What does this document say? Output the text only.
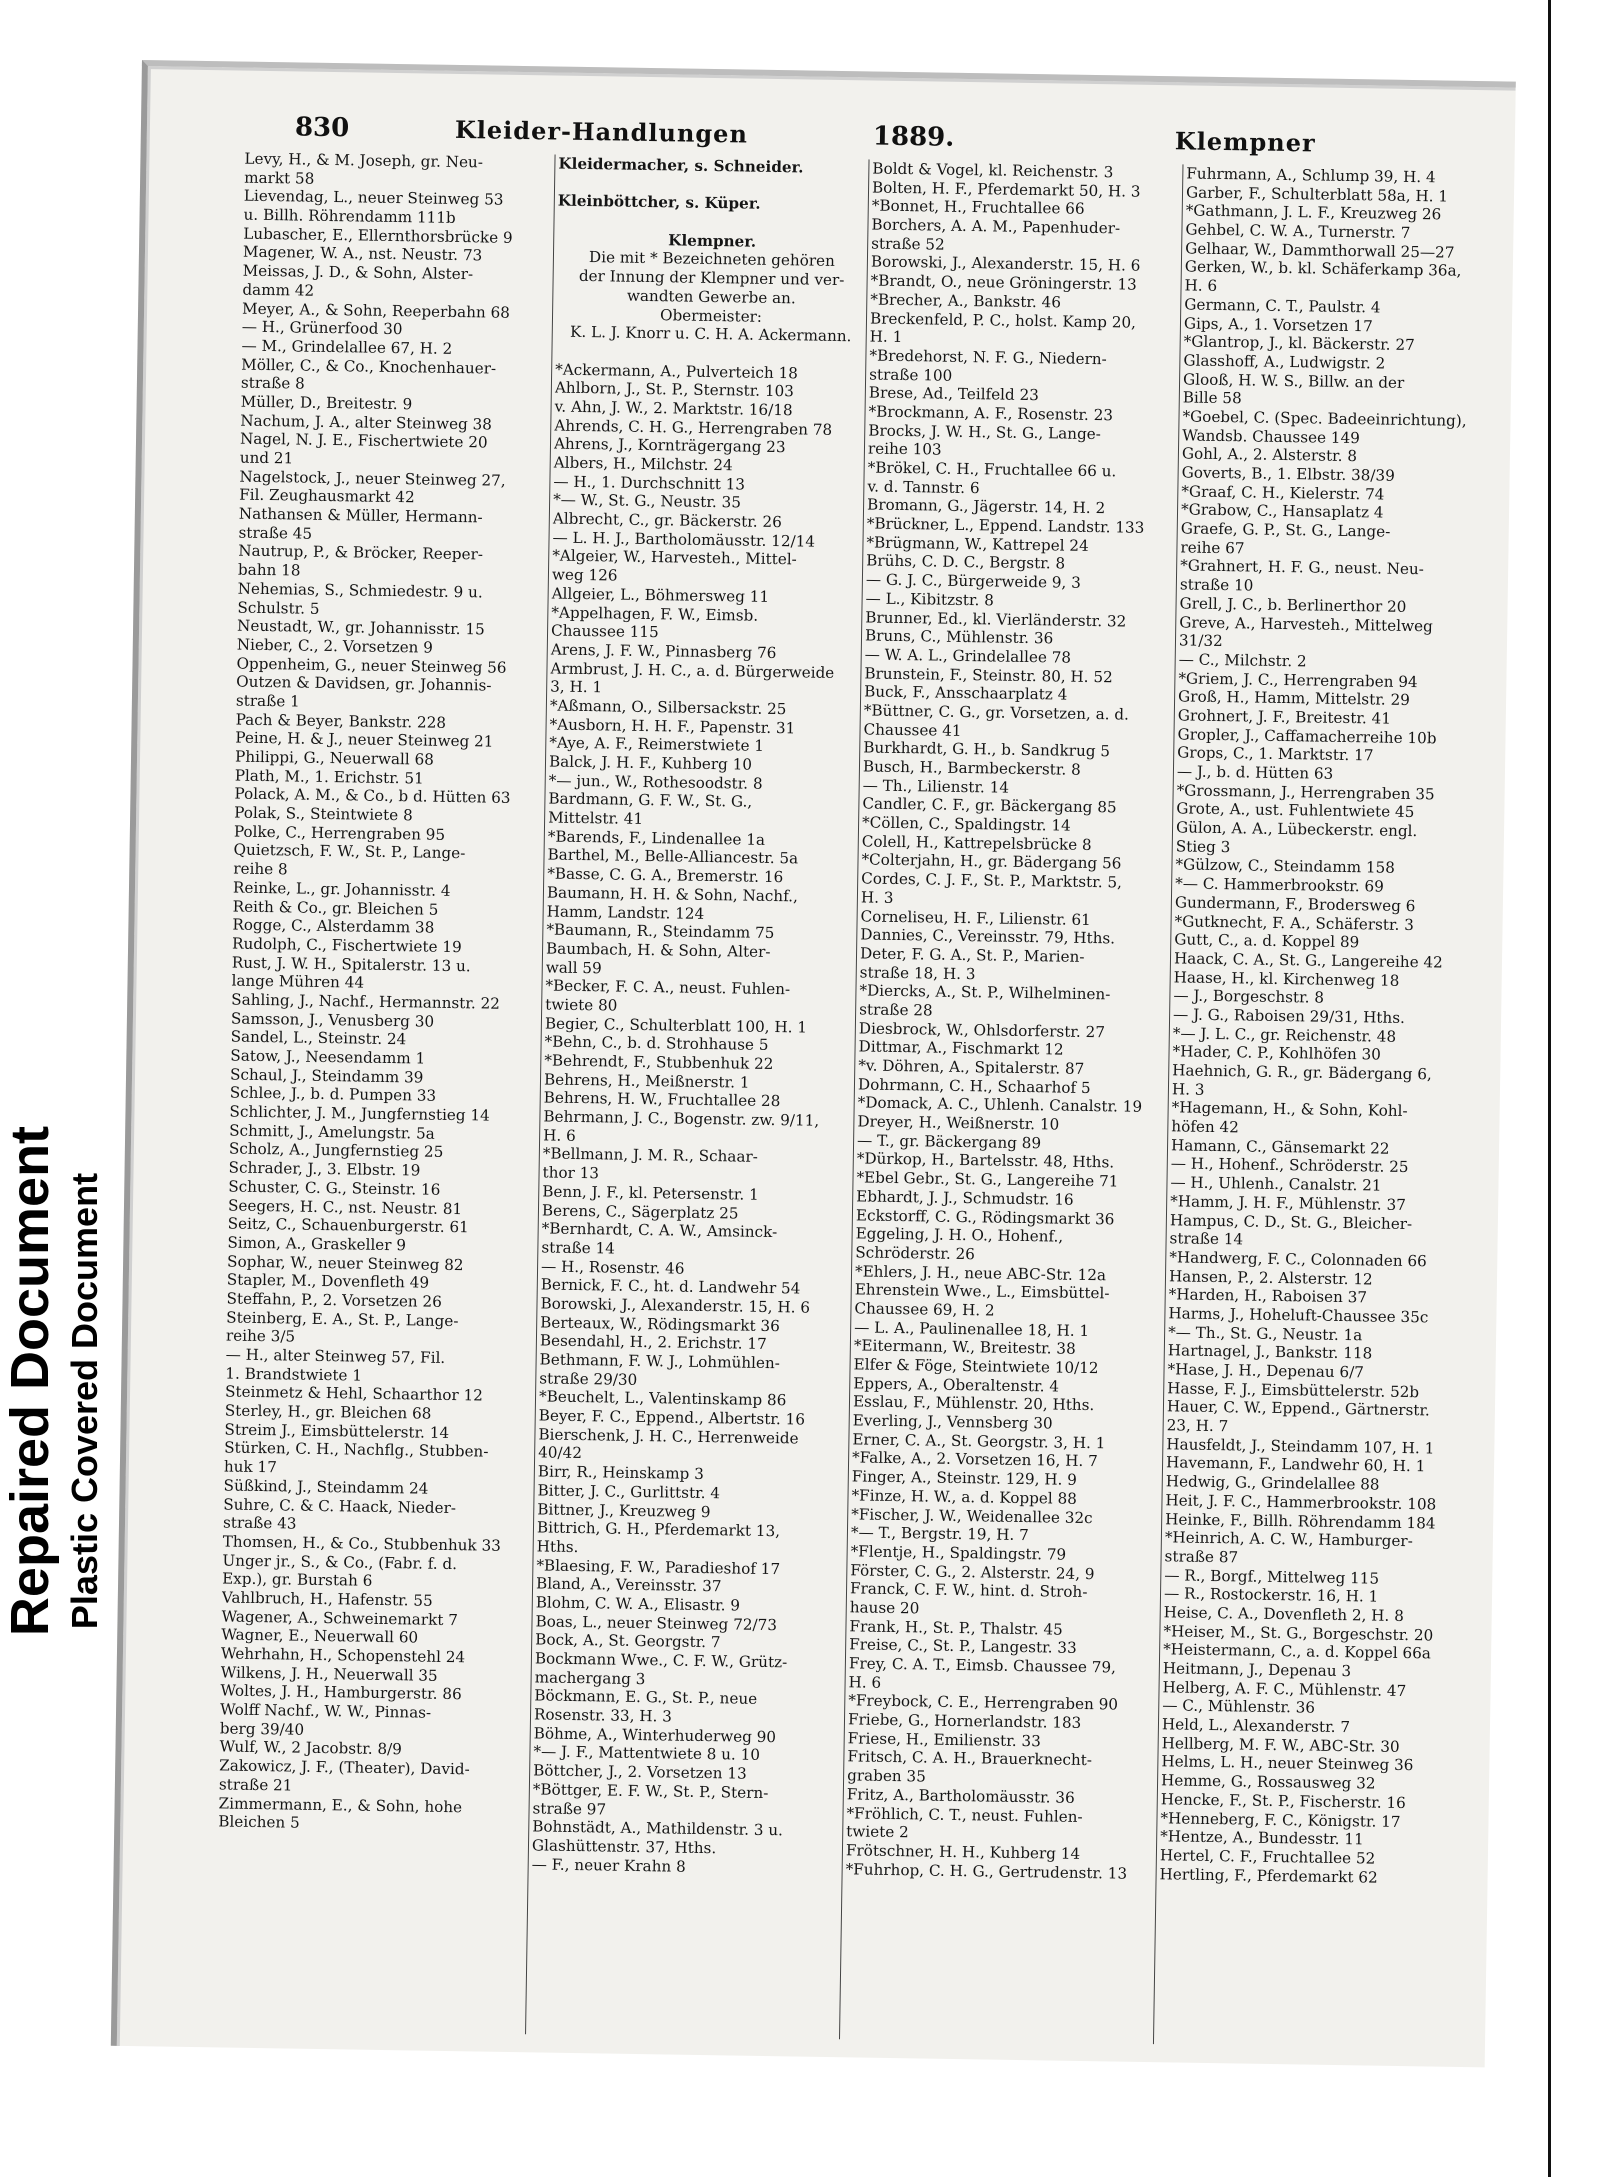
Repaired Document Plastic Covered Document
830	Kleider-Handlungen	1889.	Klempner
Levy, H., & M. Joseph, gr. Neu-
markt 58
Lievendag, L., neuer Steinweg 53
u. Billh. Röhrendamm 111b
Lubascher, E., Ellernthorsbrücke 9
Magener, W. A., nst. Neustr. 73
Meissas, J. D., & Sohn, Alster-
damm 42
Meyer, A., & Sohn, Reeperbahn 68
— H., Grünerfood 30
— M., Grindelallee 67, H. 2
Möller, C., & Co., Knochenhauer-
straße 8
Müller, D., Breitestr. 9
Nachum, J. A., alter Steinweg 38
Nagel, N. J. E., Fischertwiete 20
und 21
Nagelstock, J., neuer Steinweg 27,
Fil. Zeughausmarkt 42
Nathansen & Müller, Hermann-
straße 45
Nautrup, P., & Bröcker, Reeper-
bahn 18
Nehemias, S., Schmiedestr. 9 u.
Schulstr. 5
Neustadt, W., gr. Johannisstr. 15
Nieber, C., 2. Vorsetzen 9
Oppenheim, G., neuer Steinweg 56
Outzen & Davidsen, gr. Johannis-
straße 1
Pach & Beyer, Bankstr. 228
Peine, H. & J., neuer Steinweg 21
Philippi, G., Neuerwall 68
Plath, M., 1. Erichstr. 51
Polack, A. M., & Co., b d. Hütten 63
Polak, S., Steintwiete 8
Polke, C., Herrengraben 95
Quietzsch, F. W., St. P., Lange-
reihe 8
Reinke, L., gr. Johannisstr. 4
Reith & Co., gr. Bleichen 5
Rogge, C., Alsterdamm 38
Rudolph, C., Fischertwiete 19
Rust, J. W. H., Spitalerstr. 13 u.
lange Mühren 44
Sahling, J., Nachf., Hermannstr. 22
Samsson, J., Venusberg 30
Sandel, L., Steinstr. 24
Satow, J., Neesendamm 1
Schaul, J., Steindamm 39
Schlee, J., b. d. Pumpen 33
Schlichter, J. M., Jungfernstieg 14
Schmitt, J., Amelungstr. 5a
Scholz, A., Jungfernstieg 25
Schrader, J., 3. Elbstr. 19
Schuster, C. G., Steinstr. 16
Seegers, H. C., nst. Neustr. 81
Seitz, C., Schauenburgerstr. 61
Simon, A., Graskeller 9
Sophar, W., neuer Steinweg 82
Stapler, M., Dovenfleth 49
Steffahn, P., 2. Vorsetzen 26
Steinberg, E. A., St. P., Lange-
reihe 3/5
— H., alter Steinweg 57, Fil.
1. Brandstwiete 1
Steinmetz & Hehl, Schaarthor 12
Sterley, H., gr. Bleichen 68
Streim J., Eimsbüttelerstr. 14
Stürken, C. H., Nachflg., Stubben-
huk 17
Süßkind, J., Steindamm 24
Suhre, C. & C. Haack, Nieder-
straße 43
Thomsen, H., & Co., Stubbenhuk 33
Unger jr., S., & Co., (Fabr. f. d.
Exp.), gr. Burstah 6
Vahlbruch, H., Hafenstr. 55
Wagener, A., Schweinemarkt 7
Wagner, E., Neuerwall 60
Wehrhahn, H., Schopenstehl 24
Wilkens, J. H., Neuerwall 35
Woltes, J. H., Hamburgerstr. 86
Wolff Nachf., W. W., Pinnas-
berg 39/40
Wulf, W., 2 Jacobstr. 8/9
Zakowicz, J. F., (Theater), David-
straße 21
Zimmermann, E., & Sohn, hohe
Bleichen 5
Kleidermacher, s. Schneider.
Kleinböttcher, s. Küper.
Klempner.
Die mit * Bezeichneten gehören
der Innung der Klempner und ver-
wandten Gewerbe an.
Obermeister:
K. L. J. Knorr u. C. H. A. Ackermann.
*Ackermann, A., Pulverteich 18
Ahlborn, J., St. P., Sternstr. 103
v. Ahn, J. W., 2. Marktstr. 16/18
Ahrends, C. H. G., Herrengraben 78
Ahrens, J., Kornträgergang 23
Albers, H., Milchstr. 24
— H., 1. Durchschnitt 13
*— W., St. G., Neustr. 35
Albrecht, C., gr. Bäckerstr. 26
— L. H. J., Bartholomäusstr. 12/14
*Algeier, W., Harvesteh., Mittel-
weg 126
Allgeier, L., Böhmersweg 11
*Appelhagen, F. W., Eimsb.
Chaussee 115
Arens, J. F. W., Pinnasberg 76
Armbrust, J. H. C., a. d. Bürgerweide
3, H. 1
*Aßmann, O., Silbersackstr. 25
*Ausborn, H. H. F., Papenstr. 31
*Aye, A. F., Reimerstwiete 1
Balck, J. H. F., Kuhberg 10
*— jun., W., Rothesoodstr. 8
Bardmann, G. F. W., St. G.,
Mittelstr. 41
*Barends, F., Lindenallee 1a
Barthel, M., Belle-Alliancestr. 5a
*Basse, C. G. A., Bremerstr. 16
Baumann, H. H. & Sohn, Nachf.,
Hamm, Landstr. 124
*Baumann, R., Steindamm 75
Baumbach, H. & Sohn, Alter-
wall 59
*Becker, F. C. A., neust. Fuhlen-
twiete 80
Begier, C., Schulterblatt 100, H. 1
*Behn, C., b. d. Strohhause 5
*Behrendt, F., Stubbenhuk 22
Behrens, H., Meißnerstr. 1
Behrens, H. W., Fruchtallee 28
Behrmann, J. C., Bogenstr. zw. 9/11,
H. 6
*Bellmann, J. M. R., Schaar-
thor 13
Benn, J. F., kl. Petersenstr. 1
Berens, C., Sägerplatz 25
*Bernhardt, C. A. W., Amsinck-
straße 14
— H., Rosenstr. 46
Bernick, F. C., ht. d. Landwehr 54
Borowski, J., Alexanderstr. 15, H. 6
Berteaux, W., Rödingsmarkt 36
Besendahl, H., 2. Erichstr. 17
Bethmann, F. W. J., Lohmühlen-
straße 29/30
*Beuchelt, L., Valentinskamp 86
Beyer, F. C., Eppend., Albertstr. 16
Bierschenk, J. H. C., Herrenweide
40/42
Birr, R., Heinskamp 3
Bitter, J. C., Gurlittstr. 4
Bittner, J., Kreuzweg 9
Bittrich, G. H., Pferdemarkt 13,
Hths.
*Blaesing, F. W., Paradieshof 17
Bland, A., Vereinsstr. 37
Blohm, C. W. A., Elisastr. 9
Boas, L., neuer Steinweg 72/73
Bock, A., St. Georgstr. 7
Bockmann Wwe., C. F. W., Grütz-
machergang 3
Böckmann, E. G., St. P., neue
Rosenstr. 33, H. 3
Böhme, A., Winterhuderweg 90
*— J. F., Mattentwiete 8 u. 10
Böttcher, J., 2. Vorsetzen 13
*Böttger, E. F. W., St. P., Stern-
straße 97
Bohnstädt, A., Mathildenstr. 3 u.
Glashüttenstr. 37, Hths.
— F., neuer Krahn 8
Boldt & Vogel, kl. Reichenstr. 3
Bolten, H. F., Pferdemarkt 50, H. 3
*Bonnet, H., Fruchtallee 66
Borchers, A. A. M., Papenhuder-
straße 52
Borowski, J., Alexanderstr. 15, H. 6
*Brandt, O., neue Gröningerstr. 13
*Brecher, A., Bankstr. 46
Breckenfeld, P. C., holst. Kamp 20,
H. 1
*Bredehorst, N. F. G., Niedern-
straße 100
Brese, Ad., Teilfeld 23
*Brockmann, A. F., Rosenstr. 23
Brocks, J. W. H., St. G., Lange-
reihe 103
*Brökel, C. H., Fruchtallee 66 u.
v. d. Tannstr. 6
Bromann, G., Jägerstr. 14, H. 2
*Brückner, L., Eppend. Landstr. 133
*Brügmann, W., Kattrepel 24
Brühs, C. D. C., Bergstr. 8
— G. J. C., Bürgerweide 9, 3
— L., Kibitzstr. 8
Brunner, Ed., kl. Vierländerstr. 32
Bruns, C., Mühlenstr. 36
— W. A. L., Grindelallee 78
Brunstein, F., Steinstr. 80, H. 52
Buck, F., Ansschaarplatz 4
*Büttner, C. G., gr. Vorsetzen, a. d.
Chaussee 41
Burkhardt, G. H., b. Sandkrug 5
Busch, H., Barmbeckerstr. 8
— Th., Lilienstr. 14
Candler, C. F., gr. Bäckergang 85
*Cöllen, C., Spaldingstr. 14
Colell, H., Kattrepelsbrücke 8
*Colterjahn, H., gr. Bädergang 56
Cordes, C. J. F., St. P., Marktstr. 5,
H. 3
Corneliseu, H. F., Lilienstr. 61
Dannies, C., Vereinsstr. 79, Hths.
Deter, F. G. A., St. P., Marien-
straße 18, H. 3
*Diercks, A., St. P., Wilhelminen-
straße 28
Diesbrock, W., Ohlsdorferstr. 27
Dittmar, A., Fischmarkt 12
*v. Döhren, A., Spitalerstr. 87
Dohrmann, C. H., Schaarhof 5
*Domack, A. C., Uhlenh. Canalstr. 19
Dreyer, H., Weißnerstr. 10
— T., gr. Bäckergang 89
*Dürkop, H., Bartelsstr. 48, Hths.
*Ebel Gebr., St. G., Langereihe 71
Ebhardt, J. J., Schmudstr. 16
Eckstorff, C. G., Rödingsmarkt 36
Eggeling, J. H. O., Hohenf.,
Schröderstr. 26
*Ehlers, J. H., neue ABC-Str. 12a
Ehrenstein Wwe., L., Eimsbüttel-
Chaussee 69, H. 2
— L. A., Paulinenallee 18, H. 1
*Eitermann, W., Breitestr. 38
Elfer & Föge, Steintwiete 10/12
Eppers, A., Oberaltenstr. 4
Esslau, F., Mühlenstr. 20, Hths.
Everling, J., Vennsberg 30
Erner, C. A., St. Georgstr. 3, H. 1
*Falke, A., 2. Vorsetzen 16, H. 7
Finger, A., Steinstr. 129, H. 9
*Finze, H. W., a. d. Koppel 88
*Fischer, J. W., Weidenallee 32c
*— T., Bergstr. 19, H. 7
*Flentje, H., Spaldingstr. 79
Förster, C. G., 2. Alsterstr. 24, 9
Franck, C. F. W., hint. d. Stroh-
hause 20
Frank, H., St. P., Thalstr. 45
Freise, C., St. P., Langestr. 33
Frey, C. A. T., Eimsb. Chaussee 79,
H. 6
*Freybock, C. E., Herrengraben 90
Friebe, G., Hornerlandstr. 183
Friese, H., Emilienstr. 33
Fritsch, C. A. H., Brauerknecht-
graben 35
Fritz, A., Bartholomäusstr. 36
*Fröhlich, C. T., neust. Fuhlen-
twiete 2
Frötschner, H. H., Kuhberg 14
*Fuhrhop, C. H. G., Gertrudenstr. 13
Fuhrmann, A., Schlump 39, H. 4
Garber, F., Schulterblatt 58a, H. 1
*Gathmann, J. L. F., Kreuzweg 26
Gehbel, C. W. A., Turnerstr. 7
Gelhaar, W., Dammthorwall 25—27
Gerken, W., b. kl. Schäferkamp 36a,
H. 6
Germann, C. T., Paulstr. 4
Gips, A., 1. Vorsetzen 17
*Glantrop, J., kl. Bäckerstr. 27
Glasshoff, A., Ludwigstr. 2
Glooß, H. W. S., Billw. an der
Bille 58
*Goebel, C. (Spec. Badeeinrichtung),
Wandsb. Chaussee 149
Gohl, A., 2. Alsterstr. 8
Goverts, B., 1. Elbstr. 38/39
*Graaf, C. H., Kielerstr. 74
*Grabow, C., Hansaplatz 4
Graefe, G. P., St. G., Lange-
reihe 67
*Grahnert, H. F. G., neust. Neu-
straße 10
Grell, J. C., b. Berlinerthor 20
Greve, A., Harvesteh., Mittelweg
31/32
— C., Milchstr. 2
*Griem, J. C., Herrengraben 94
Groß, H., Hamm, Mittelstr. 29
Grohnert, J. F., Breitestr. 41
Gropler, J., Caffamacherreihe 10b
Grops, C., 1. Marktstr. 17
— J., b. d. Hütten 63
*Grossmann, J., Herrengraben 35
Grote, A., ust. Fuhlentwiete 45
Gülon, A. A., Lübeckerstr. engl.
Stieg 3
*Gülzow, C., Steindamm 158
*— C. Hammerbrookstr. 69
Gundermann, F., Brodersweg 6
*Gutknecht, F. A., Schäferstr. 3
Gutt, C., a. d. Koppel 89
Haack, C. A., St. G., Langereihe 42
Haase, H., kl. Kirchenweg 18
— J., Borgeschstr. 8
— J. G., Raboisen 29/31, Hths.
*— J. L. C., gr. Reichenstr. 48
*Hader, C. P., Kohlhöfen 30
Haehnich, G. R., gr. Bädergang 6,
H. 3
*Hagemann, H., & Sohn, Kohl-
höfen 42
Hamann, C., Gänsemarkt 22
— H., Hohenf., Schröderstr. 25
— H., Uhlenh., Canalstr. 21
*Hamm, J. H. F., Mühlenstr. 37
Hampus, C. D., St. G., Bleicher-
straße 14
*Handwerg, F. C., Colonnaden 66
Hansen, P., 2. Alsterstr. 12
*Harden, H., Raboisen 37
Harms, J., Hoheluft-Chaussee 35c
*— Th., St. G., Neustr. 1a
Hartnagel, J., Bankstr. 118
*Hase, J. H., Depenau 6/7
Hasse, F. J., Eimsbüttelerstr. 52b
Hauer, C. W., Eppend., Gärtnerstr.
23, H. 7
Hausfeldt, J., Steindamm 107, H. 1
Havemann, F., Landwehr 60, H. 1
Hedwig, G., Grindelallee 88
Heit, J. F. C., Hammerbrookstr. 108
Heinke, F., Billh. Röhrendamm 184
*Heinrich, A. C. W., Hamburger-
straße 87
— R., Borgf., Mittelweg 115
— R., Rostockerstr. 16, H. 1
Heise, C. A., Dovenfleth 2, H. 8
*Heiser, M., St. G., Borgeschstr. 20
*Heistermann, C., a. d. Koppel 66a
Heitmann, J., Depenau 3
Helberg, A. F. C., Mühlenstr. 47
— C., Mühlenstr. 36
Held, L., Alexanderstr. 7
Hellberg, M. F. W., ABC-Str. 30
Helms, L. H., neuer Steinweg 36
Hemme, G., Rossausweg 32
Hencke, F., St. P., Fischerstr. 16
*Henneberg, F. C., Königstr. 17
*Hentze, A., Bundesstr. 11
Hertel, C. F., Fruchtallee 52
Hertling, F., Pferdemarkt 62
